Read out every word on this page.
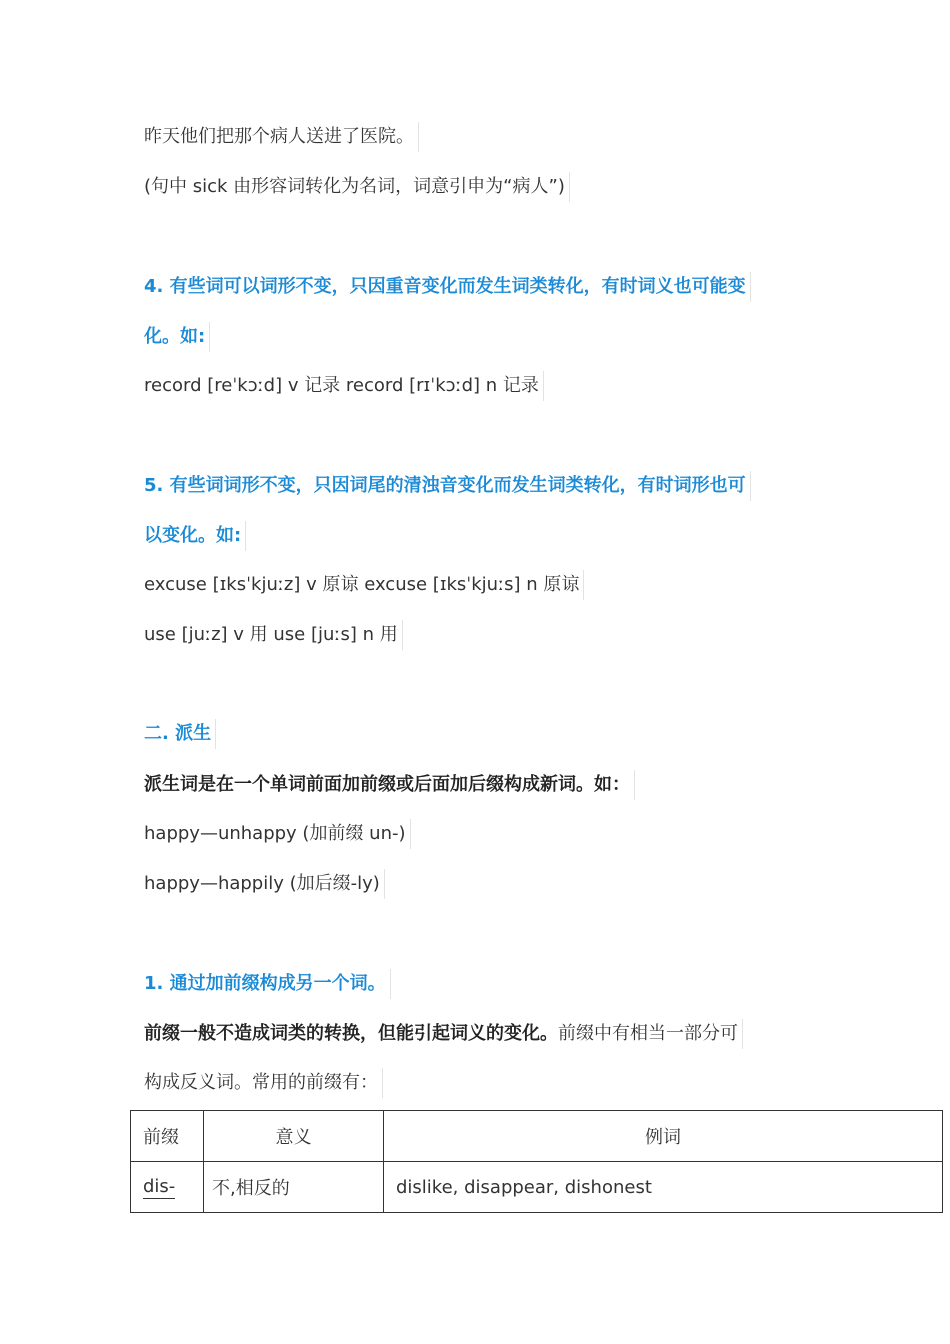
昨天他们把那个病人送进了医院。
(句中 sick 由形容词转化为名词，词意引申为“病人”)
4. 有些词可以词形不变，只因重音变化而发生词类转化，有时词义也可能变
化。如:
record [reˈkɔːd] v 记录 record [rɪˈkɔːd] n 记录
5. 有些词词形不变，只因词尾的清浊音变化而发生词类转化，有时词形也可
以变化。如:
excuse [ɪksˈkjuːz] v 原谅 excuse [ɪksˈkjuːs] n 原谅
use [juːz] v 用 use [juːs] n 用
二. 派生
派生词是在一个单词前面加前缀或后面加后缀构成新词。如：
happy—unhappy (加前缀 un-)
happy—happily (加后缀-ly)
1. 通过加前缀构成另一个词。
前缀一般不造成词类的转换，但能引起词义的变化。前缀中有相当一部分可
构成反义词。常用的前缀有：
前缀	意义	例词
dis-	不,相反的	dislike, disappear, dishonest
